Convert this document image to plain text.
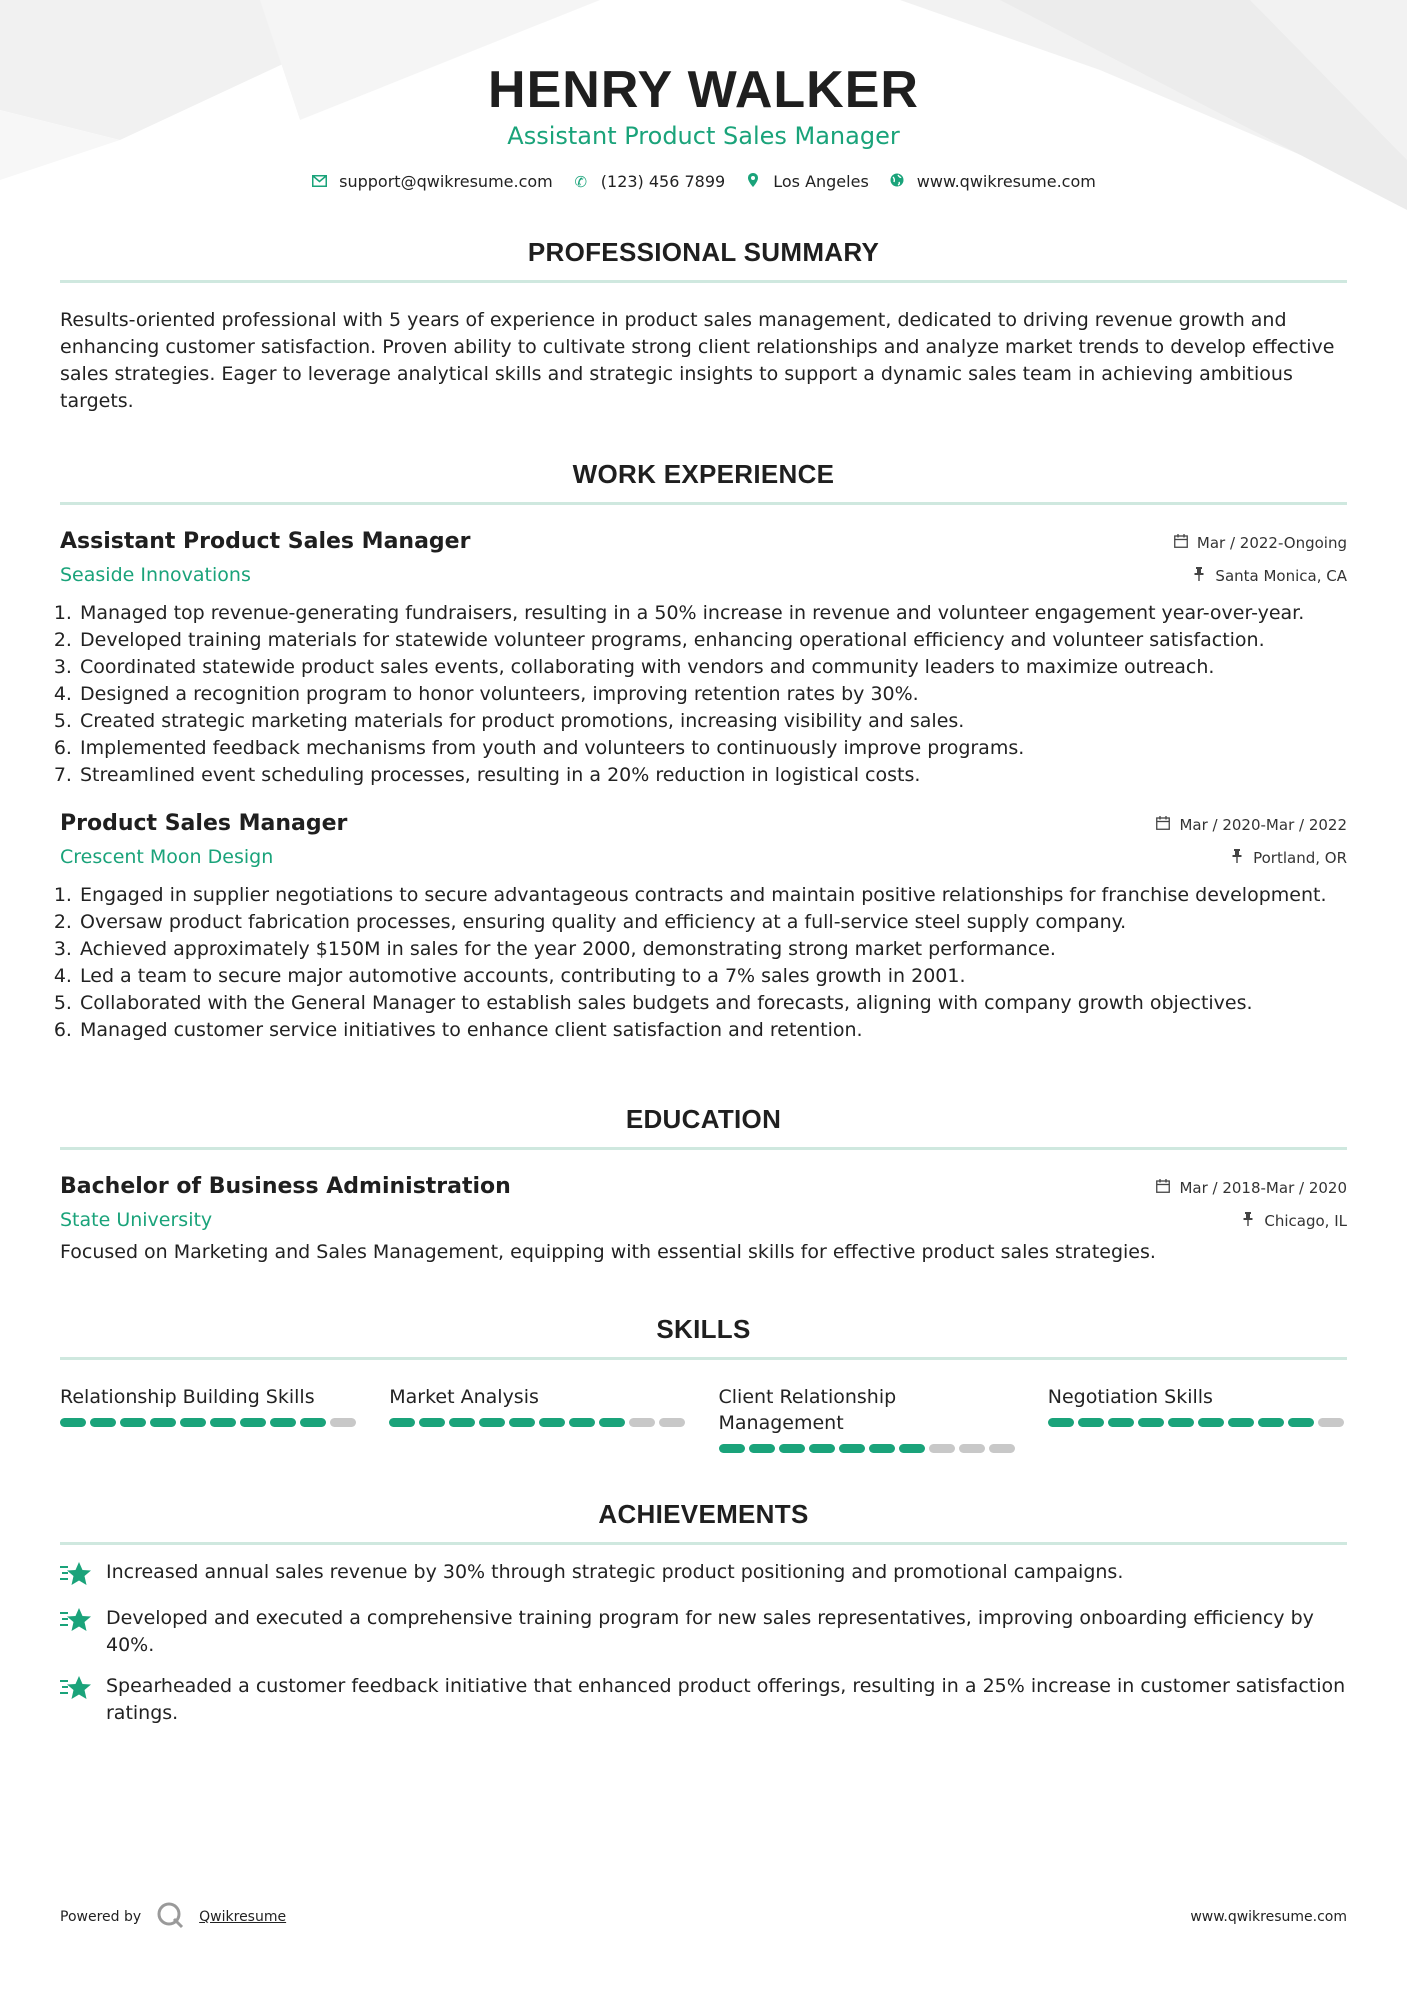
HENRY WALKER
Assistant Product Sales Manager
support@qwikresume.com ✆ (123) 456 7899	Los Angeles	www.qwikresume.com
PROFESSIONAL SUMMARY

Results-oriented professional with 5 years of experience in product sales management, dedicated to driving revenue growth and enhancing customer satisfaction. Proven ability to cultivate strong client relationships and analyze market trends to develop effective sales strategies. Eager to leverage analytical skills and strategic insights to support a dynamic sales team in achieving ambitious targets.

WORK EXPERIENCE
Assistant Product Sales Manager	Mar / 2022-Ongoing
Seaside Innovations	Santa Monica, CA
1. Managed top revenue-generating fundraisers, resulting in a 50% increase in revenue and volunteer engagement year-over-year.
2. Developed training materials for statewide volunteer programs, enhancing operational efficiency and volunteer satisfaction.
3. Coordinated statewide product sales events, collaborating with vendors and community leaders to maximize outreach.
4. Designed a recognition program to honor volunteers, improving retention rates by 30%.
5. Created strategic marketing materials for product promotions, increasing visibility and sales.
6. Implemented feedback mechanisms from youth and volunteers to continuously improve programs.
7. Streamlined event scheduling processes, resulting in a 20% reduction in logistical costs.
Product Sales Manager	Mar / 2020-Mar / 2022
Crescent Moon Design	Portland, OR
1. Engaged in supplier negotiations to secure advantageous contracts and maintain positive relationships for franchise development.
2. Oversaw product fabrication processes, ensuring quality and efficiency at a full-service steel supply company.
3. Achieved approximately $150M in sales for the year 2000, demonstrating strong market performance.
4. Led a team to secure major automotive accounts, contributing to a 7% sales growth in 2001.
5. Collaborated with the General Manager to establish sales budgets and forecasts, aligning with company growth objectives.
6. Managed customer service initiatives to enhance client satisfaction and retention.
EDUCATION
Bachelor of Business Administration	Mar / 2018-Mar / 2020
State University	Chicago, IL

Focused on Marketing and Sales Management, equipping with essential skills for effective product sales strategies.

SKILLS
Relationship Building Skills	Market Analysis	Client Relationship Management
Negotiation Skills
ACHIEVEMENTS
Increased annual sales revenue by 30% through strategic product positioning and promotional campaigns.
Developed and executed a comprehensive training program for new sales representatives, improving onboarding efficiency by 40%.
Spearheaded a customer feedback initiative that enhanced product offerings, resulting in a 25% increase in customer satisfaction ratings.
Powered by	Qwikresume	www.qwikresume.com
